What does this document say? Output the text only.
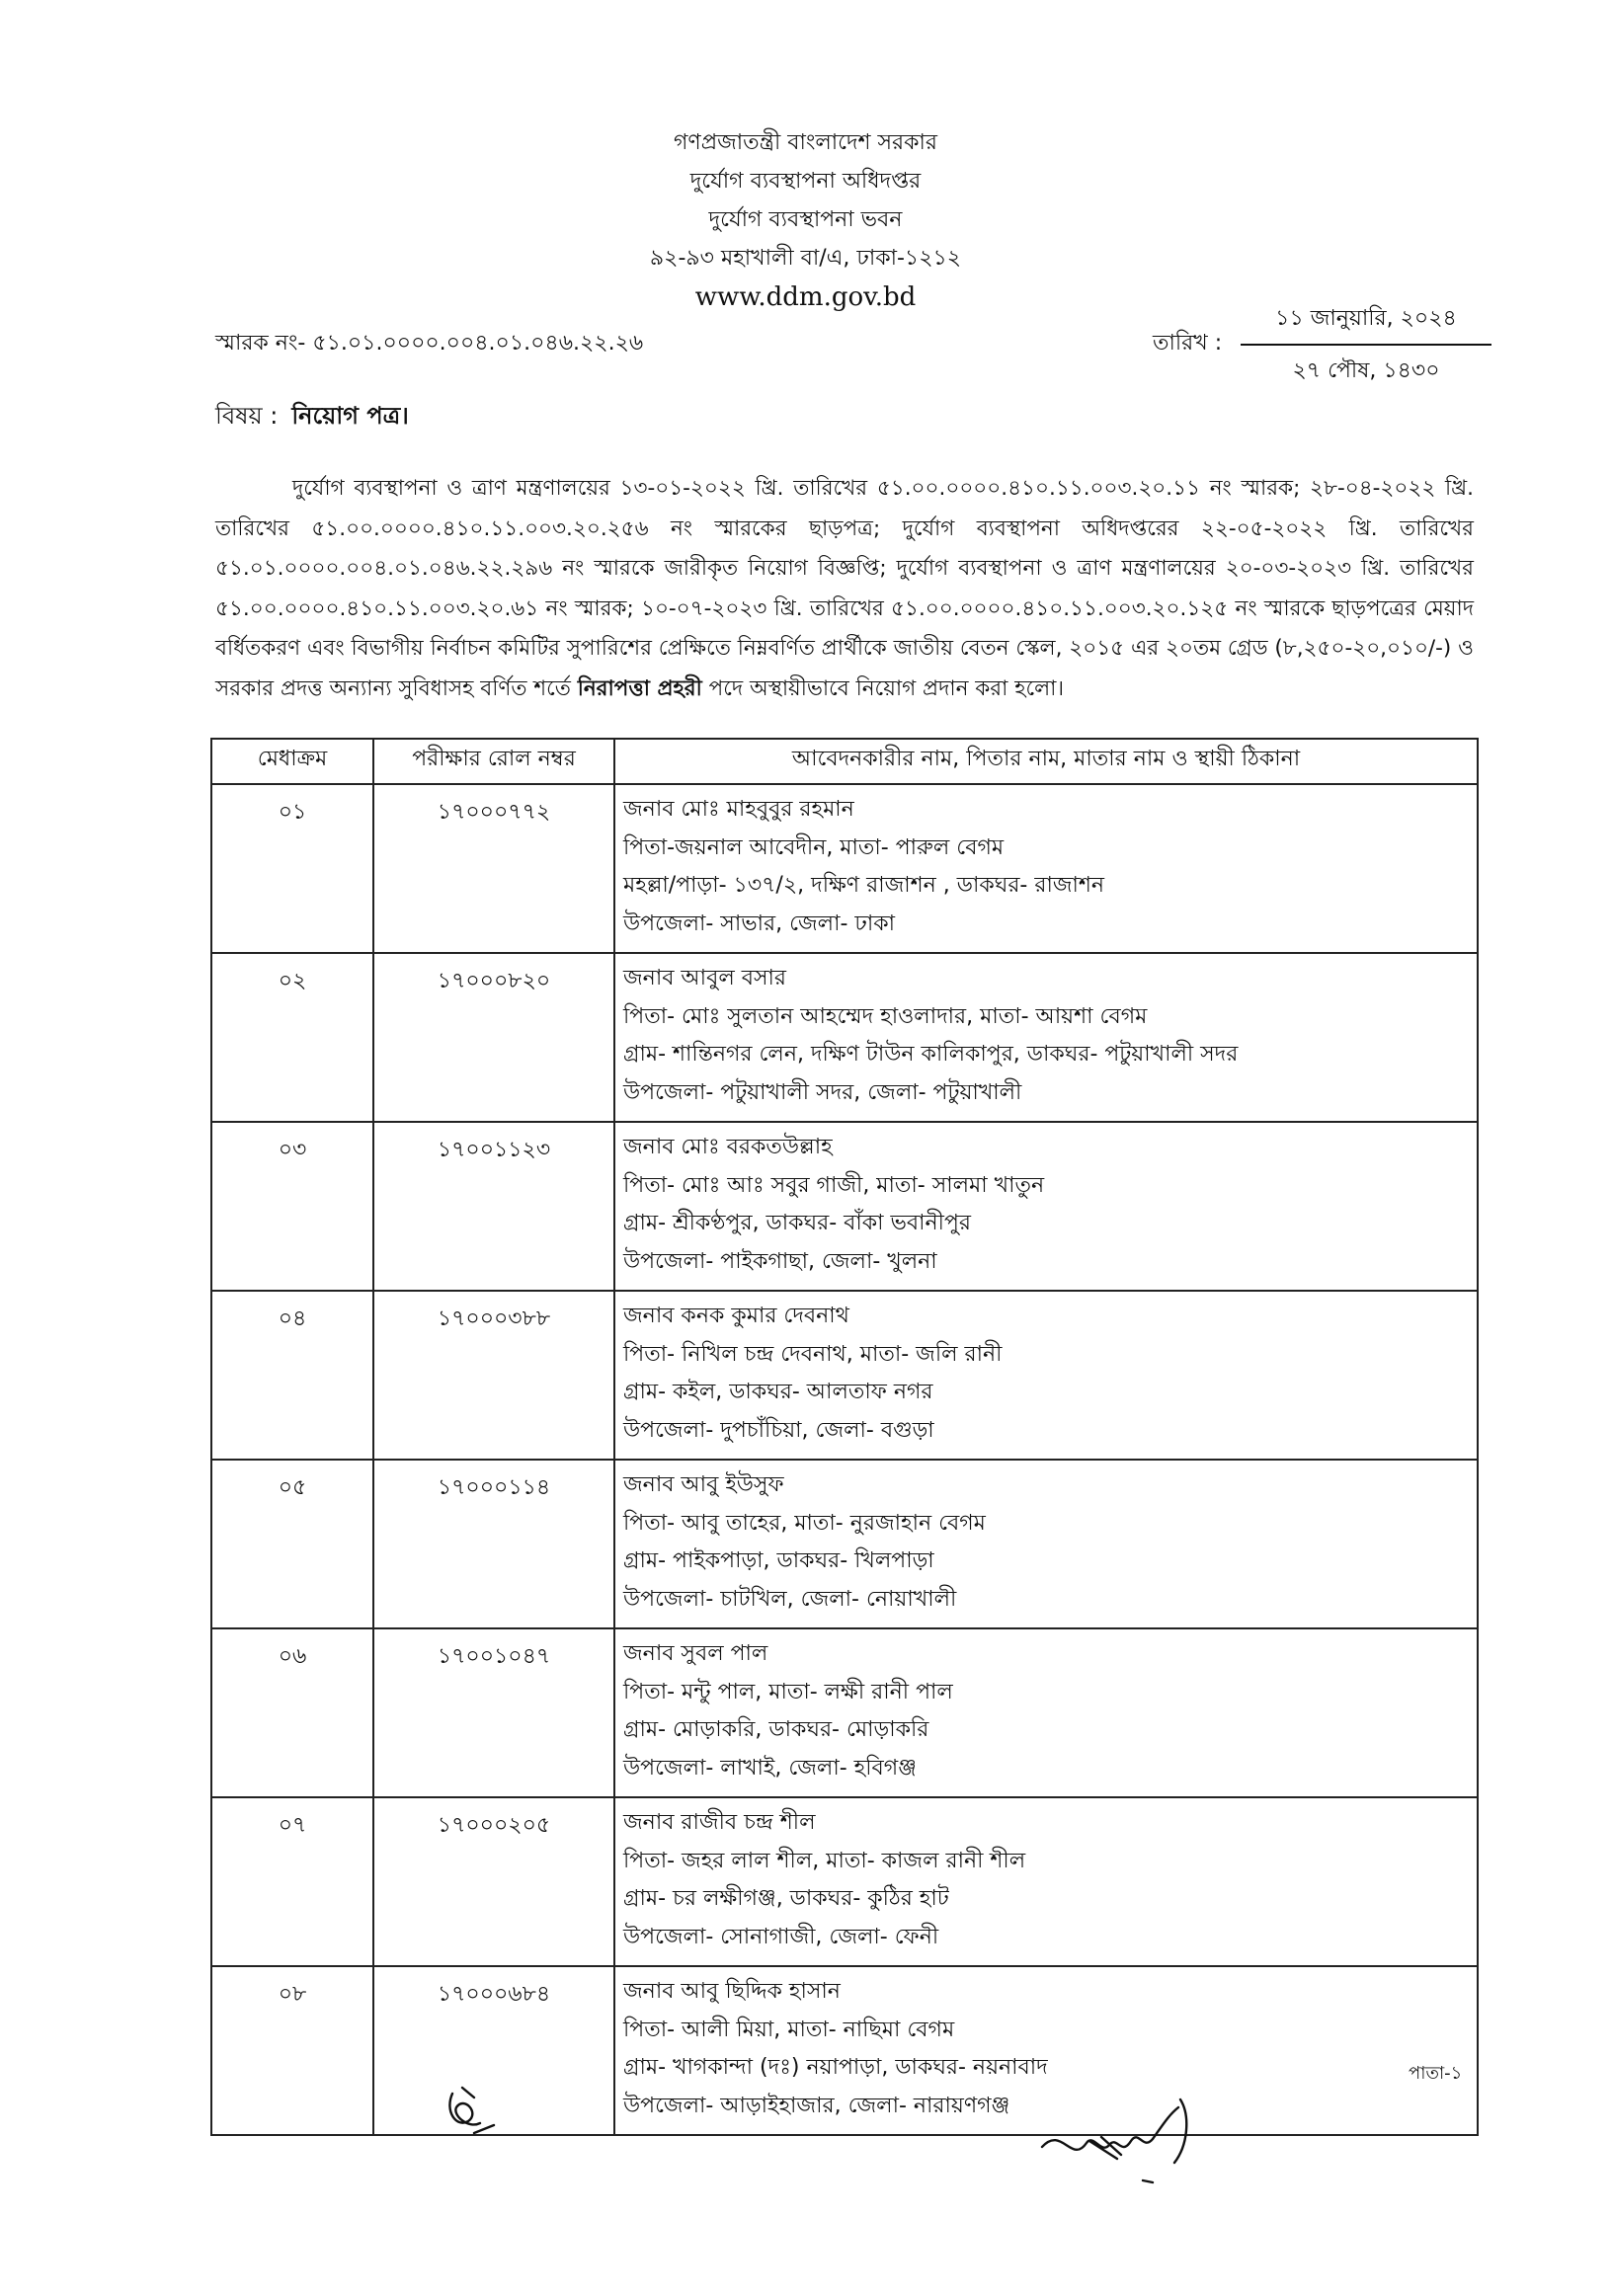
গণপ্রজাতন্ত্রী বাংলাদেশ সরকার
দুর্যোগ ব্যবস্থাপনা অধিদপ্তর
দুর্যোগ ব্যবস্থাপনা ভবন
৯২-৯৩ মহাখালী বা/এ, ঢাকা-১২১২
www.ddm.gov.bd
স্মারক নং- ৫১.০১.০০০০.০০৪.০১.০৪৬.২২.২৬	তারিখ :
১১ জানুয়ারি, ২০২৪
২৭ পৌষ, ১৪৩০
বিষয় : নিয়োগ পত্র।
দুর্যোগ ব্যবস্থাপনা ও ত্রাণ মন্ত্রণালয়ের ১৩-০১-২০২২ খ্রি. তারিখের ৫১.০০.০০০০.৪১০.১১.০০৩.২০.১১ নং স্মারক; ২৮-০৪-২০২২ খ্রি. তারিখের ৫১.০০.০০০০.৪১০.১১.০০৩.২০.২৫৬ নং স্মারকের ছাড়পত্র; দুর্যোগ ব্যবস্থাপনা অধিদপ্তরের ২২-০৫-২০২২ খ্রি. তারিখের ৫১.০১.০০০০.০০৪.০১.০৪৬.২২.২৯৬ নং স্মারকে জারীকৃত নিয়োগ বিজ্ঞপ্তি; দুর্যোগ ব্যবস্থাপনা ও ত্রাণ মন্ত্রণালয়ের ২০-০৩-২০২৩ খ্রি. তারিখের ৫১.০০.০০০০.৪১০.১১.০০৩.২০.৬১ নং স্মারক; ১০-০৭-২০২৩ খ্রি. তারিখের ৫১.০০.০০০০.৪১০.১১.০০৩.২০.১২৫ নং স্মারকে ছাড়পত্রের মেয়াদ বর্ধিতকরণ এবং বিভাগীয় নির্বাচন কমিটির সুপারিশের প্রেক্ষিতে নিম্নবর্ণিত প্রার্থীকে জাতীয় বেতন স্কেল, ২০১৫ এর ২০তম গ্রেড (৮,২৫০-২০,০১০/-) ও সরকার প্রদত্ত অন্যান্য সুবিধাসহ বর্ণিত শর্তে নিরাপত্তা প্রহরী পদে অস্থায়ীভাবে নিয়োগ প্রদান করা হলো।
মেধাক্রম	পরীক্ষার রোল নম্বর	আবেদনকারীর নাম, পিতার নাম, মাতার নাম ও স্থায়ী ঠিকানা
০১	১৭০০০৭৭২	জনাব মোঃ মাহবুবুর রহমান
পিতা-জয়নাল আবেদীন, মাতা- পারুল বেগম
মহল্লা/পাড়া- ১৩৭/২, দক্ষিণ রাজাশন , ডাকঘর- রাজাশন
উপজেলা- সাভার, জেলা- ঢাকা

০২	১৭০০০৮২০	জনাব আবুল বসার
পিতা- মোঃ সুলতান আহম্মেদ হাওলাদার, মাতা- আয়শা বেগম
গ্রাম- শান্তিনগর লেন, দক্ষিণ টাউন কালিকাপুর, ডাকঘর- পটুয়াখালী সদর
উপজেলা- পটুয়াখালী সদর, জেলা- পটুয়াখালী

০৩	১৭০০১১২৩	জনাব মোঃ বরকতউল্লাহ
পিতা- মোঃ আঃ সবুর গাজী, মাতা- সালমা খাতুন
গ্রাম- শ্রীকণ্ঠপুর, ডাকঘর- বাঁকা ভবানীপুর
উপজেলা- পাইকগাছা, জেলা- খুলনা

০৪	১৭০০০৩৮৮	জনাব কনক কুমার দেবনাথ
পিতা- নিখিল চন্দ্র দেবনাথ, মাতা- জলি রানী
গ্রাম- কইল, ডাকঘর- আলতাফ নগর
উপজেলা- দুপচাঁচিয়া, জেলা- বগুড়া

০৫	১৭০০০১১৪	জনাব আবু ইউসুফ
পিতা- আবু তাহের, মাতা- নুরজাহান বেগম
গ্রাম- পাইকপাড়া, ডাকঘর- খিলপাড়া
উপজেলা- চাটখিল, জেলা- নোয়াখালী

০৬	১৭০০১০৪৭	জনাব সুবল পাল
পিতা- মন্টু পাল, মাতা- লক্ষী রানী পাল
গ্রাম- মোড়াকরি, ডাকঘর- মোড়াকরি
উপজেলা- লাখাই, জেলা- হবিগঞ্জ

০৭	১৭০০০২০৫	জনাব রাজীব চন্দ্র শীল
পিতা- জহর লাল শীল, মাতা- কাজল রানী শীল
গ্রাম- চর লক্ষীগঞ্জ, ডাকঘর- কুঠির হাট
উপজেলা- সোনাগাজী, জেলা- ফেনী

০৮	১৭০০০৬৮৪	জনাব আবু ছিদ্দিক হাসান
পিতা- আলী মিয়া, মাতা- নাছিমা বেগম
গ্রাম- খাগকান্দা (দঃ) নয়াপাড়া, ডাকঘর- নয়নাবাদ
উপজেলা- আড়াইহাজার, জেলা- নারায়ণগঞ্জ
পাতা-১
